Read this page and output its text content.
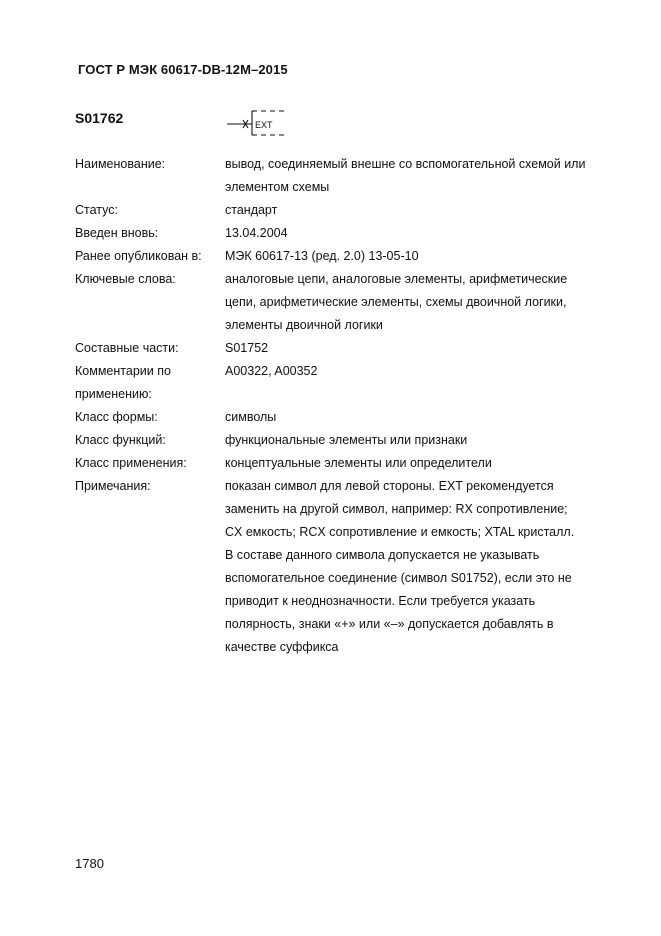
ГОСТ Р МЭК 60617-DB-12M–2015
S01762	EXT
Наименование:	вывод, соединяемый внешне со вспомогательной схемой или
элементом схемы
Статус:	стандарт
Введен вновь:	13.04.2004
Ранее опубликован в:	МЭК 60617-13 (ред. 2.0) 13-05-10
Ключевые слова:	аналоговые цепи, аналоговые элементы, арифметические
цепи, арифметические элементы, схемы двоичной логики,
элементы двоичной логики
Составные части:	S01752
Комментарии по применению:
A00322, A00352
Класс формы:	символы
Класс функций:	функциональные элементы или признаки
Класс применения:	концептуальные элементы или определители
Примечания:	показан символ для левой стороны. EXT рекомендуется
заменить на другой символ, например: RX сопротивление;
CX емкость; RCX сопротивление и емкость; XTAL кристалл.
В составе данного символа допускается не указывать
вспомогательное соединение (символ S01752), если это не
приводит к неоднозначности. Если требуется указать
полярность, знаки «+» или «–» допускается добавлять в
качестве суффикса
1780
